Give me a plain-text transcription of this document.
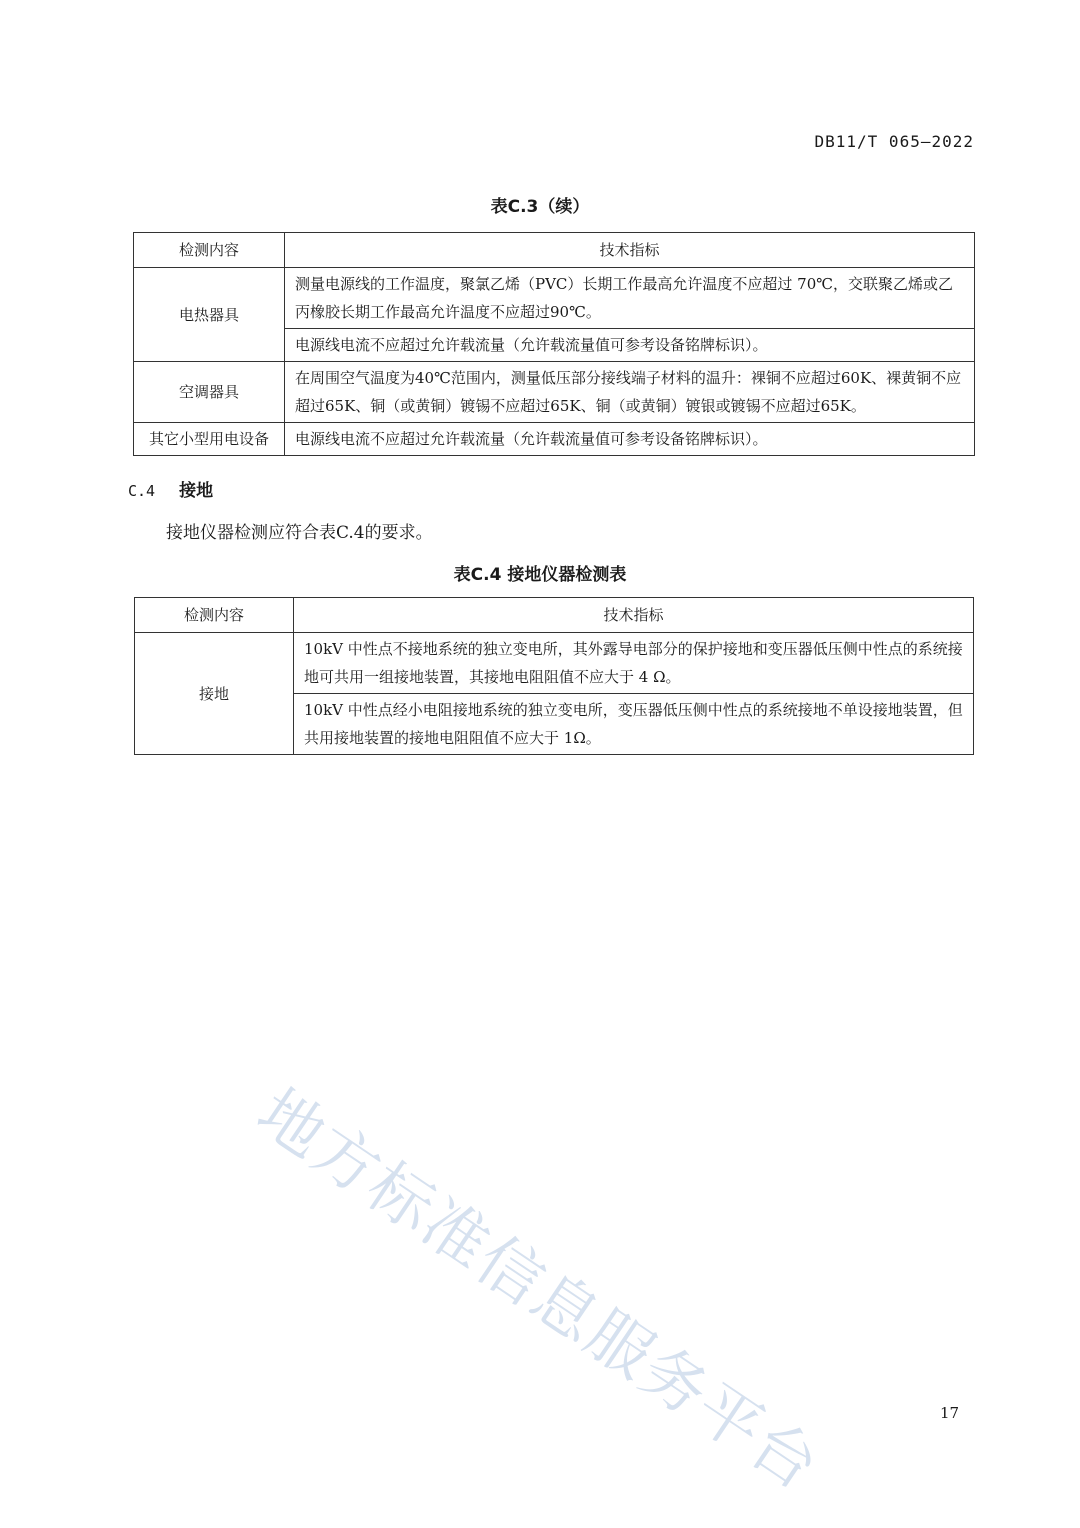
DB11/T 065—2022
表C.3（续）
检测内容	技术指标
电热器具	测量电源线的工作温度，聚氯乙烯（PVC）长期工作最高允许温度不应超过 70℃，交联聚乙烯或乙丙橡胶长期工作最高允许温度不应超过90℃。
	电源线电流不应超过允许载流量（允许载流量值可参考设备铭牌标识）。
空调器具	在周围空气温度为40℃范围内，测量低压部分接线端子材料的温升：裸铜不应超过60K、裸黄铜不应超过65K、铜（或黄铜）镀锡不应超过65K、铜（或黄铜）镀银或镀锡不应超过65K。
其它小型用电设备	电源线电流不应超过允许载流量（允许载流量值可参考设备铭牌标识）。
C.4 接地
接地仪器检测应符合表C.4的要求。
表C.4 接地仪器检测表
检测内容	技术指标
接地	10kV 中性点不接地系统的独立变电所，其外露导电部分的保护接地和变压器低压侧中性点的系统接地可共用一组接地装置，其接地电阻阻值不应大于 4 Ω。
	10kV 中性点经小电阻接地系统的独立变电所，变压器低压侧中性点的系统接地不单设接地装置，但共用接地装置的接地电阻阻值不应大于 1Ω。
地方标准信息服务平台	17
